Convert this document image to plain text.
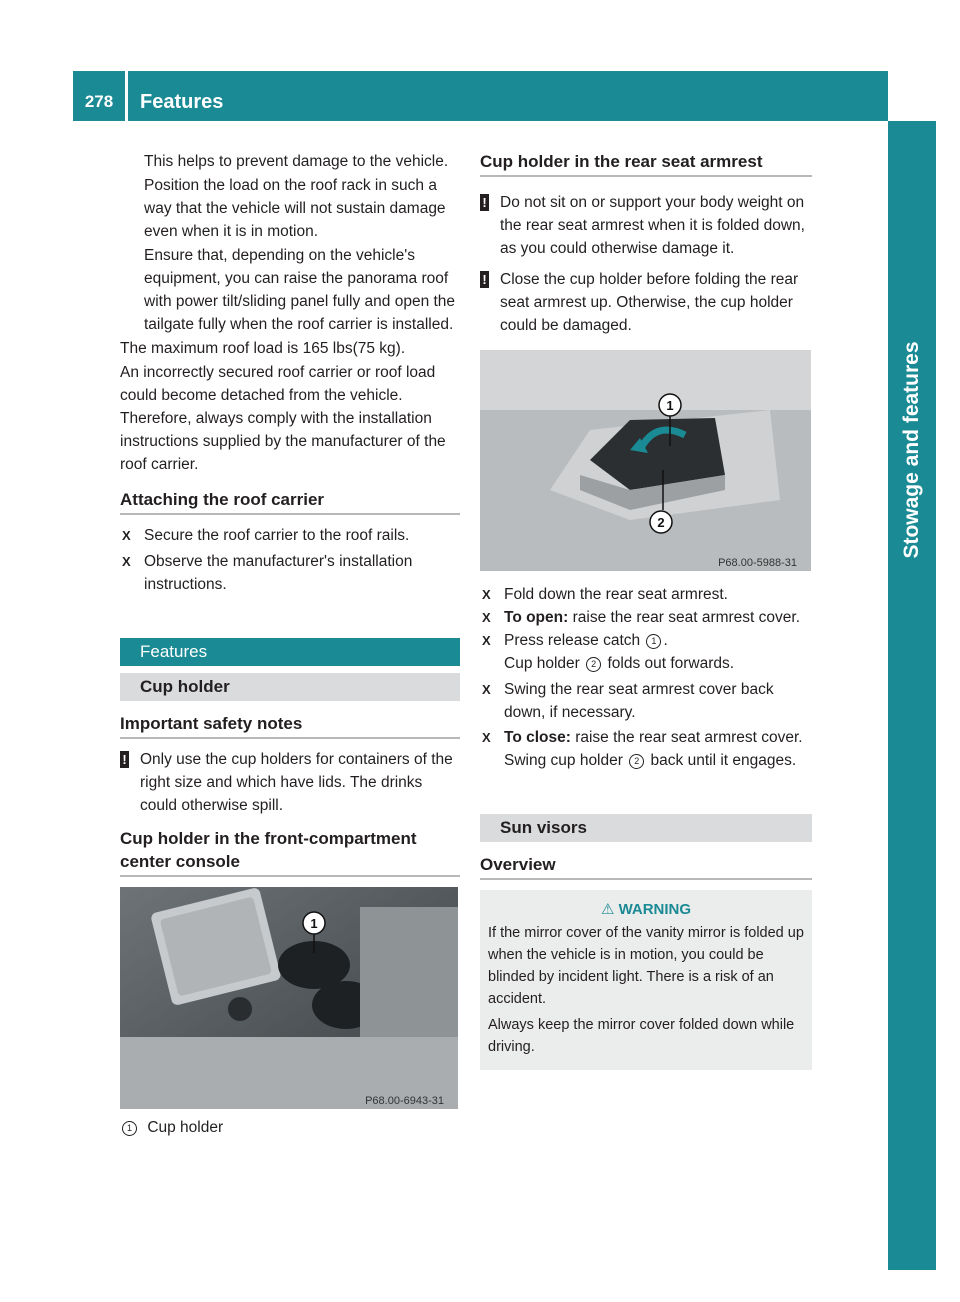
278	Features
Stowage and features

This helps to prevent damage to the vehicle.

Position the load on the roof rack in such a way that the vehicle will not sustain damage even when it is in motion.

Ensure that, depending on the vehicle's equipment, you can raise the panorama roof with power tilt/sliding panel fully and open the tailgate fully when the roof carrier is installed.

The maximum roof load is 165 lbs(75 kg).

An incorrectly secured roof carrier or roof load could become detached from the vehicle. Therefore, always comply with the installation instructions supplied by the manufacturer of the roof carrier.

Attaching the roof carrier
X Secure the roof carrier to the roof rails.
X Observe the manufacturer's installation instructions.
Features
Cup holder
Important safety notes
! Only use the cup holders for containers of the right size and which have lids. The drinks could otherwise spill.
Cup holder in the front-compartment
center console
1
P68.00-6943-31
1 Cup holder
Cup holder in the rear seat armrest
! Do not sit on or support your body weight on the rear seat armrest when it is folded down, as you could otherwise damage it.
! Close the cup holder before folding the rear seat armrest up. Otherwise, the cup holder could be damaged.
1
2
P68.00-5988-31
X Fold down the rear seat armrest.
X To open: raise the rear seat armrest cover.
X Press release catch 1 .
Cup holder 2 folds out forwards.
X Swing the rear seat armrest cover back down, if necessary.
X To close: raise the rear seat armrest cover.
Swing cup holder 2 back until it engages.
Sun visors
Overview
⚠ WARNING

If the mirror cover of the vanity mirror is folded up when the vehicle is in motion, you could be blinded by incident light. There is a risk of an accident.

Always keep the mirror cover folded down while driving.
